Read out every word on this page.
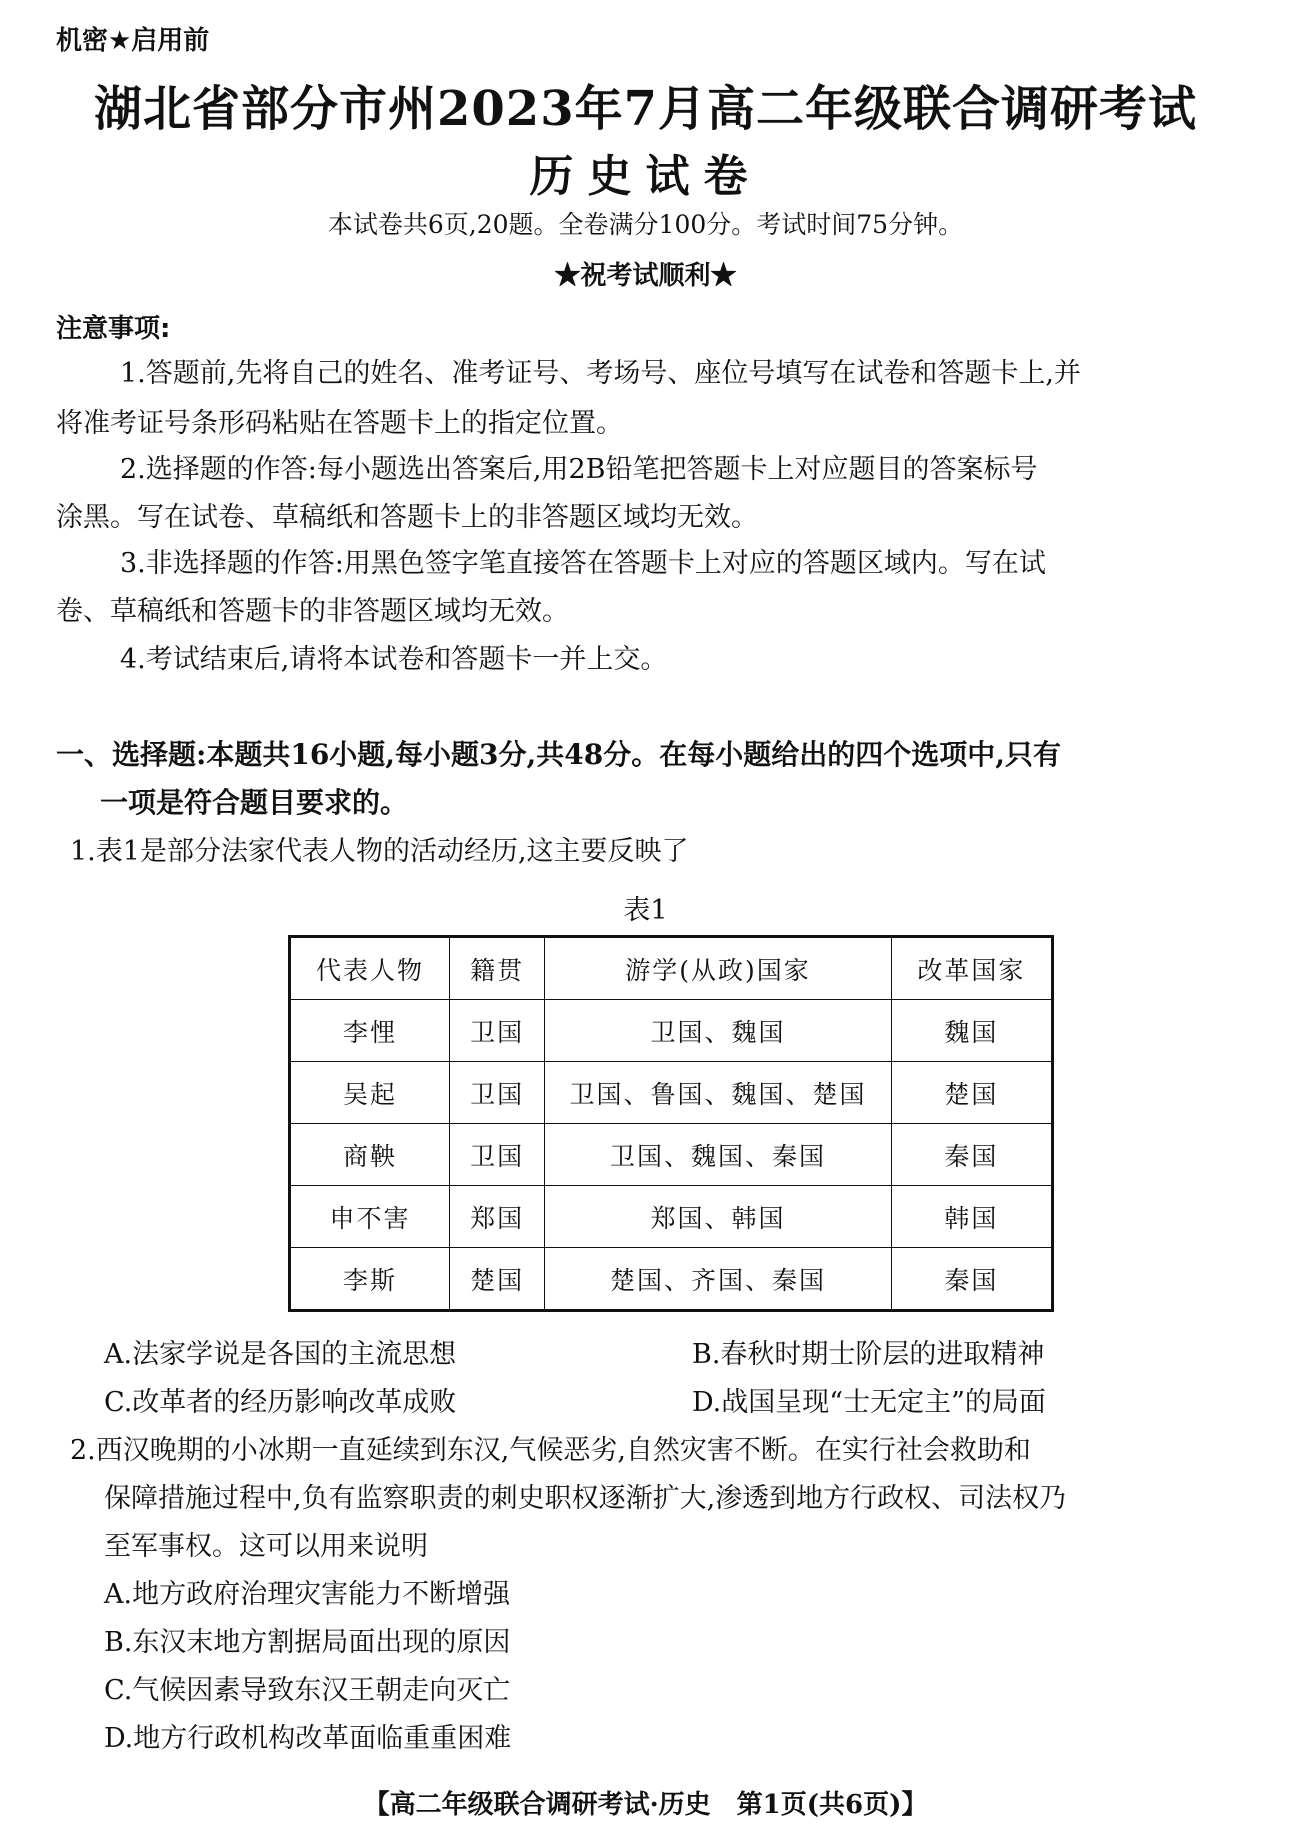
机密★启用前
湖北省部分市州2023年7月高二年级联合调研考试
历史试卷
本试卷共6页,20题。全卷满分100分。考试时间75分钟。
★祝考试顺利★
注意事项:
1.答题前,先将自己的姓名、准考证号、考场号、座位号填写在试卷和答题卡上,并
将准考证号条形码粘贴在答题卡上的指定位置。
2.选择题的作答:每小题选出答案后,用2B铅笔把答题卡上对应题目的答案标号
涂黑。写在试卷、草稿纸和答题卡上的非答题区域均无效。
3.非选择题的作答:用黑色签字笔直接答在答题卡上对应的答题区域内。写在试
卷、草稿纸和答题卡的非答题区域均无效。
4.考试结束后,请将本试卷和答题卡一并上交。
一、选择题:本题共16小题,每小题3分,共48分。在每小题给出的四个选项中,只有
一项是符合题目要求的。
1.表1是部分法家代表人物的活动经历,这主要反映了
表1
代表人物	籍贯	游学(从政)国家	改革国家
李悝	卫国	卫国、魏国	魏国
吴起	卫国	卫国、鲁国、魏国、楚国	楚国
商鞅	卫国	卫国、魏国、秦国	秦国
申不害	郑国	郑国、韩国	韩国
李斯	楚国	楚国、齐国、秦国	秦国
A.法家学说是各国的主流思想	B.春秋时期士阶层的进取精神
C.改革者的经历影响改革成败	D.战国呈现“士无定主”的局面
2.西汉晚期的小冰期一直延续到东汉,气候恶劣,自然灾害不断。在实行社会救助和
保障措施过程中,负有监察职责的刺史职权逐渐扩大,渗透到地方行政权、司法权乃
至军事权。这可以用来说明
A.地方政府治理灾害能力不断增强
B.东汉末地方割据局面出现的原因
C.气候因素导致东汉王朝走向灭亡
D.地方行政机构改革面临重重困难
【高二年级联合调研考试·历史　第1页(共6页)】
